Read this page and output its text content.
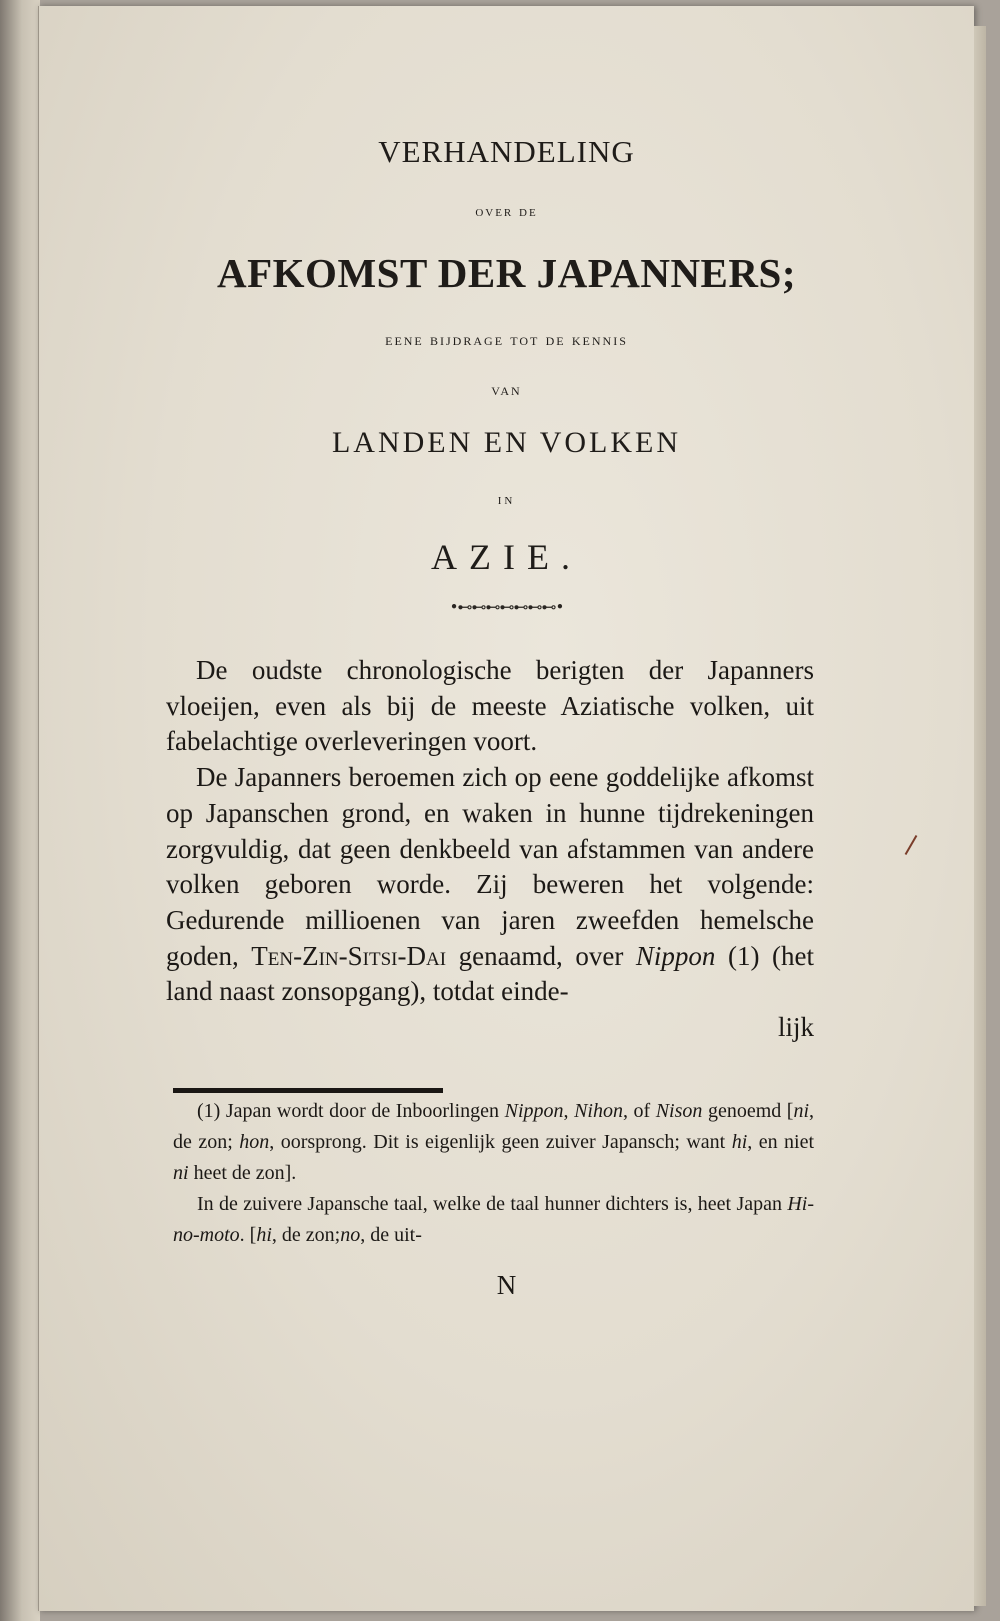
VERHANDELING
over de
AFKOMST DER JAPANNERS;
eene bijdrage tot de kennis
van
LANDEN EN VOLKEN
in
AZIE.
•⊷⊷⊷⊷⊷⊷⊷•

De oudste chronologische berigten der Japanners vloeijen, even als bij de meeste Aziatische volken, uit fabelachtige overleveringen voort.

De Japanners beroemen zich op eene goddelijke afkomst op Japanschen grond, en waken in hunne tijdrekeningen zorgvuldig, dat geen denkbeeld van afstammen van andere volken geboren worde. Zij beweren het volgende: Gedurende millioenen van jaren zweefden hemelsche goden, Ten-Zin-Sitsi-Dai genaamd, over Nippon (1) (het land naast zonsopgang), totdat einde-

lijk

(1) Japan wordt door de Inboorlingen Nippon, Nihon, of Nison genoemd [ni, de zon; hon, oorsprong. Dit is eigenlijk geen zuiver Japansch; want hi, en niet ni heet de zon].

In de zuivere Japansche taal, welke de taal hunner dichters is, heet Japan Hi-no-moto. [hi, de zon;no, de uit-

N
